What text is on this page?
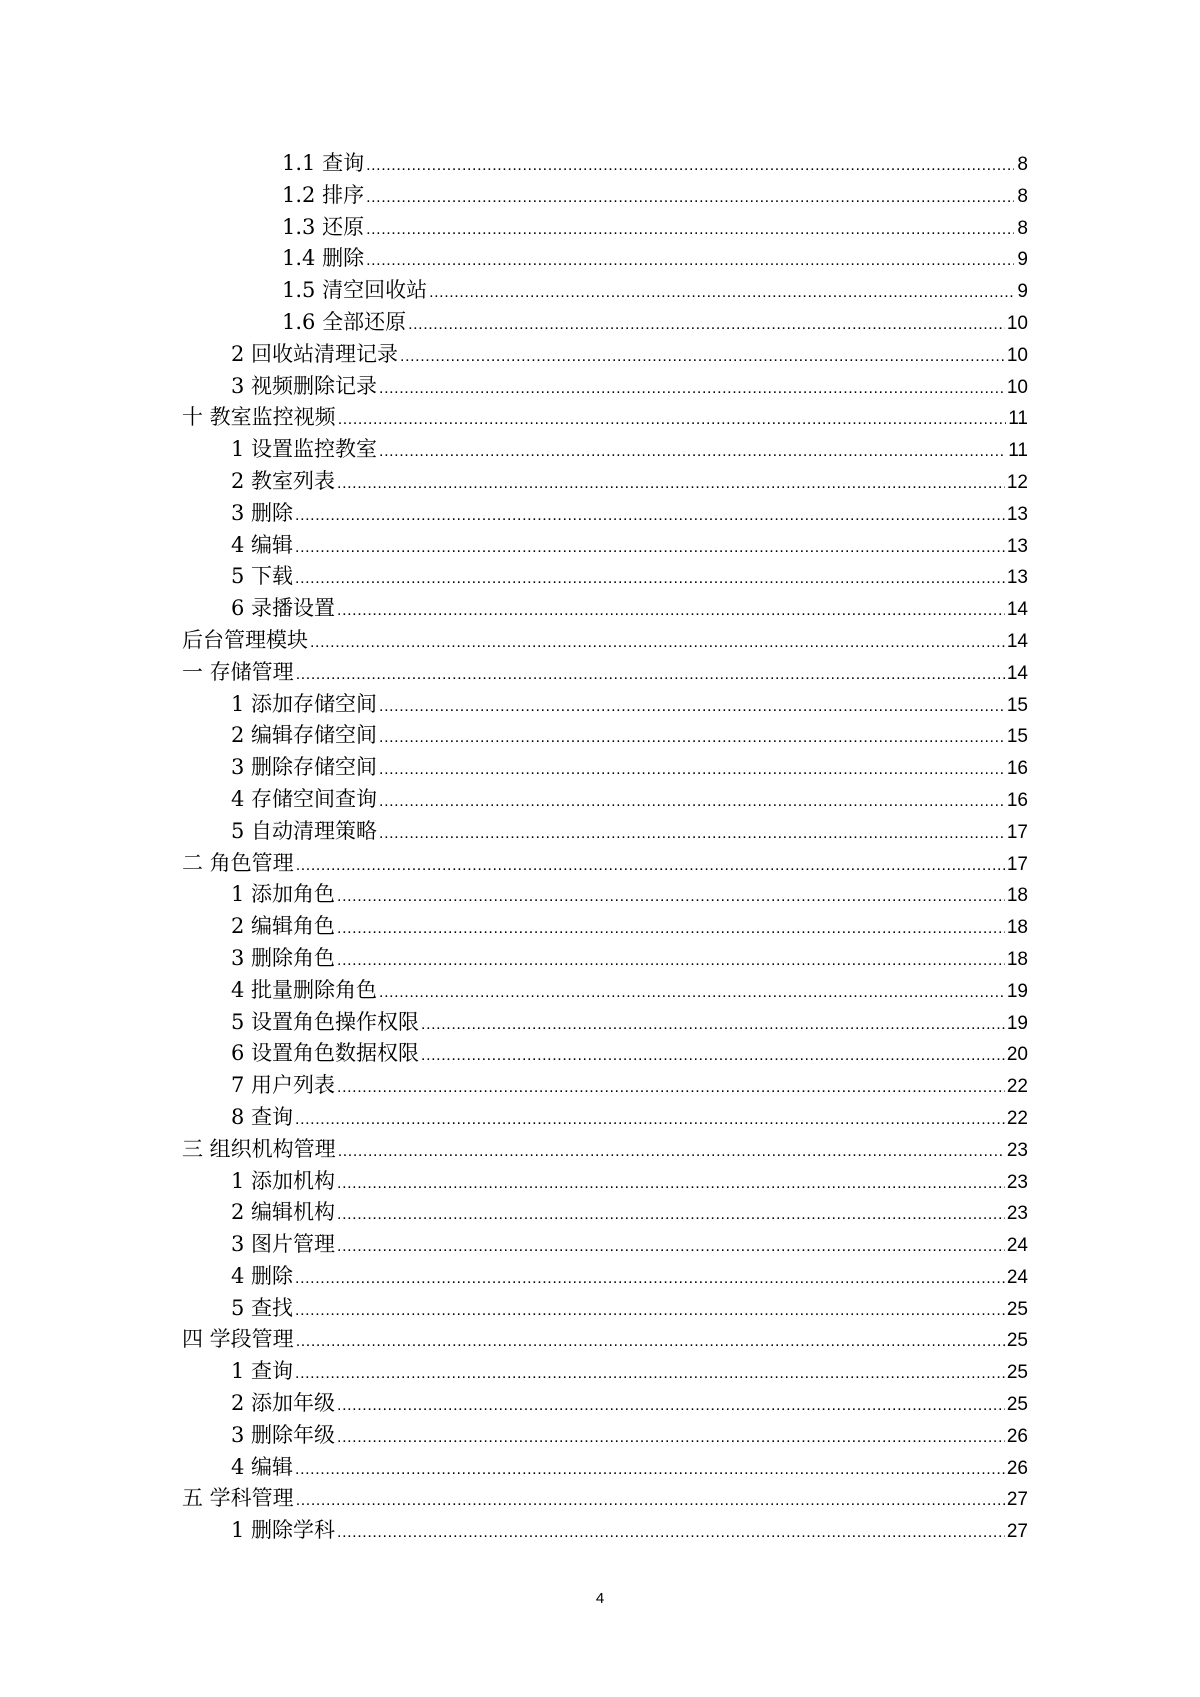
1.1 查询 .....	8
1.2 排序 .....	8
1.3 还原 .....	8
1.4 删除 .....	9
1.5 清空回收站 .....	9
1.6 全部还原 .....	10
2 回收站清理记录 .....	10
3 视频删除记录 .....	10
十 教室监控视频 .....	11
1 设置监控教室 .....	11
2 教室列表 .....	12
3 删除 .....	13
4 编辑 .....	13
5 下载 .....	13
6 录播设置 .....	14
后台管理模块 .....	14
一 存储管理 .....	14
1 添加存储空间 .....	15
2 编辑存储空间 .....	15
3 删除存储空间 .....	16
4 存储空间查询 .....	16
5 自动清理策略 .....	17
二 角色管理 .....	17
1 添加角色 .....	18
2 编辑角色 .....	18
3 删除角色 .....	18
4 批量删除角色 .....	19
5 设置角色操作权限 .....	19
6 设置角色数据权限 .....	20
7 用户列表 .....	22
8 查询 .....	22
三 组织机构管理 .....	23
1 添加机构 .....	23
2 编辑机构 .....	23
3 图片管理 .....	24
4 删除 .....	24
5 查找 .....	25
四 学段管理 .....	25
1 查询 .....	25
2 添加年级 .....	25
3 删除年级 .....	26
4 编辑 .....	26
五 学科管理 .....	27
1 删除学科 .....	27
4
